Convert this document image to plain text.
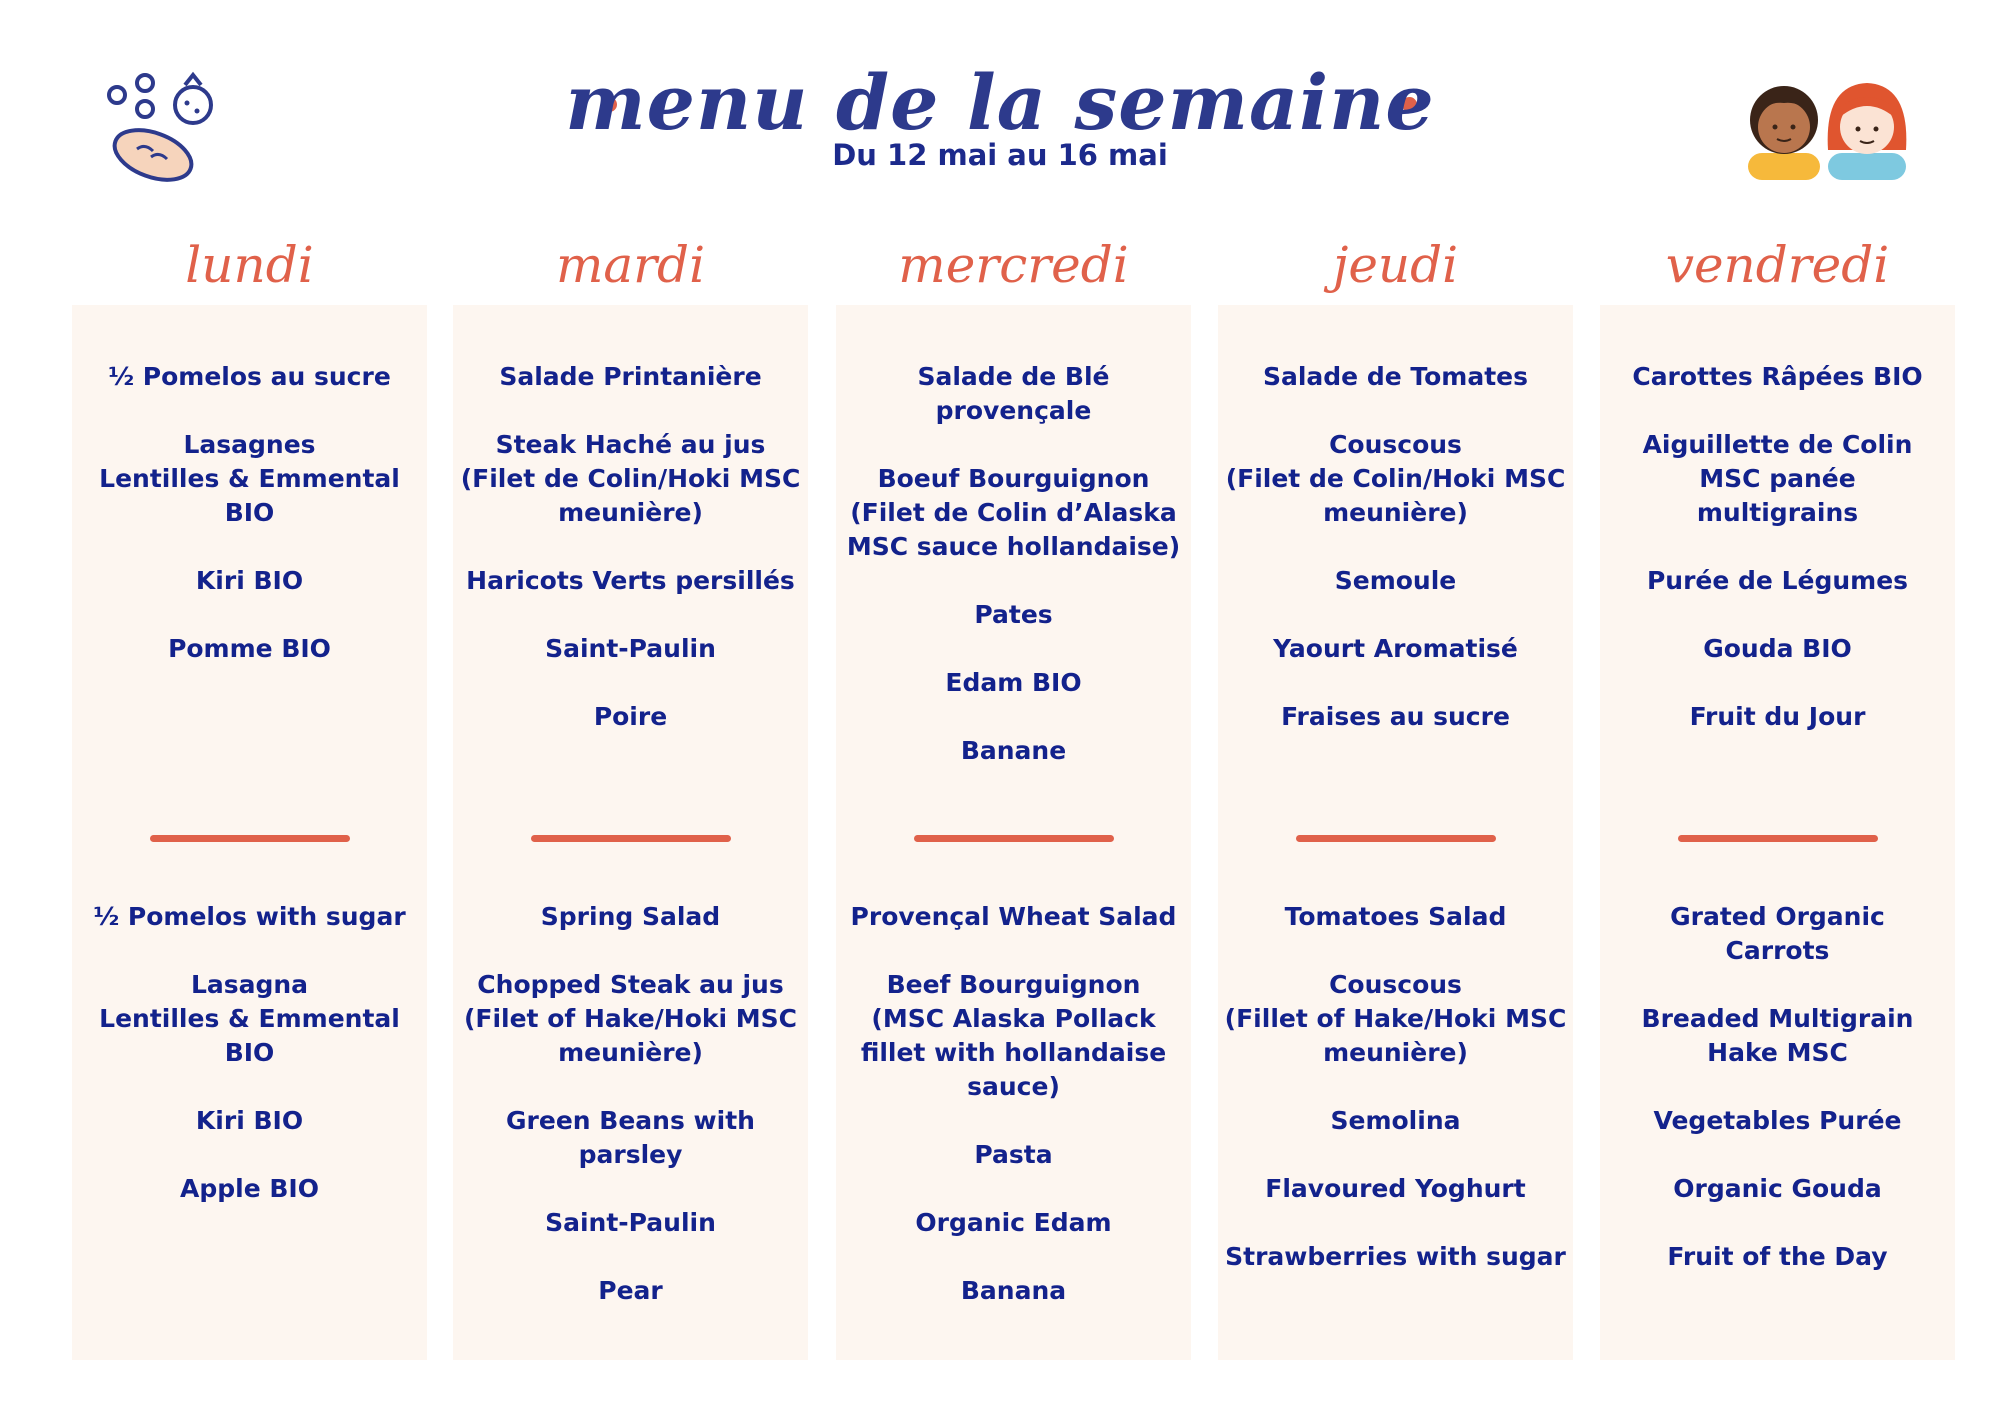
menu de la semaine
Du 12 mai au 16 mai
lundi	mardi	mercredi	jeudi	vendredi
½ Pomelos au sucre
Lasagnes
Lentilles & Emmental BIO
Kiri BIO
Pomme BIO
½ Pomelos with sugar
Lasagna
Lentilles & Emmental BIO
Kiri BIO
Apple BIO
Salade Printanière
Steak Haché au jus
(Filet de Colin/Hoki MSC
meunière)
Haricots Verts persillés
Saint-Paulin
Poire
Spring Salad
Chopped Steak au jus
(Filet of Hake/Hoki MSC
meunière)
Green Beans with
parsley
Saint-Paulin
Pear
Salade de Blé provençale
Boeuf Bourguignon
(Filet de Colin d’Alaska
MSC sauce hollandaise)
Pates
Edam BIO
Banane
Provençal Wheat Salad
Beef Bourguignon
(MSC Alaska Pollack
fillet with hollandaise
sauce)
Pasta
Organic Edam
Banana
Salade de Tomates
Couscous
(Filet de Colin/Hoki MSC
meunière)
Semoule
Yaourt Aromatisé
Fraises au sucre
Tomatoes Salad
Couscous
(Fillet of Hake/Hoki MSC
meunière)
Semolina
Flavoured Yoghurt
Strawberries with sugar
Carottes Râpées BIO
Aiguillette de Colin
MSC panée
multigrains
Purée de Légumes
Gouda BIO
Fruit du Jour
Grated Organic
Carrots
Breaded Multigrain
Hake MSC
Vegetables Purée
Organic Gouda
Fruit of the Day
